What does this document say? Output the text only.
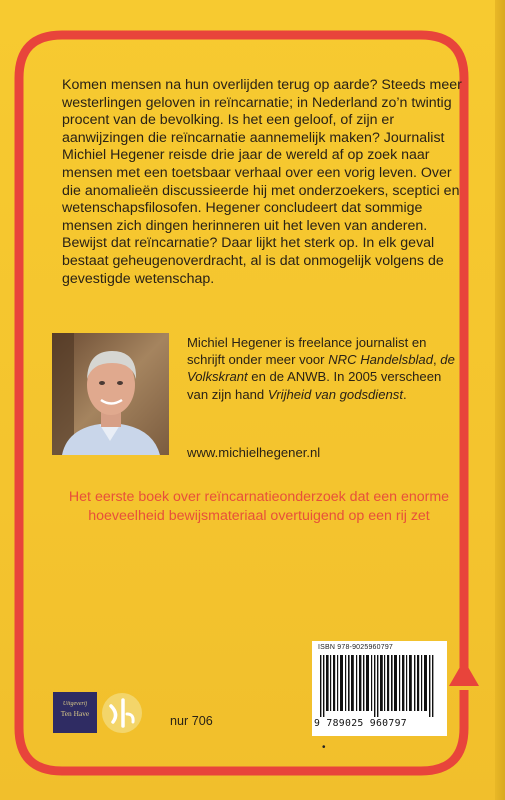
Komen mensen na hun overlijden terug op aarde? Steeds meer westerlingen geloven in reïncarnatie; in Nederland zo’n twintig procent van de bevolking. Is het een geloof, of zijn er aanwijzingen die reïncarnatie aannemelijk maken? Journalist Michiel Hegener reisde drie jaar de wereld af op zoek naar mensen met een toetsbaar verhaal over een vorig leven. Over die anomalieën discussieerde hij met onderzoekers, sceptici en wetenschapsfilosofen. Hegener concludeert dat sommige mensen zich dingen herinneren uit het leven van anderen. Bewijst dat reïncarnatie? Daar lijkt het sterk op. In elk geval bestaat geheugenoverdracht, al is dat onmogelijk volgens de gevestigde wetenschap.

Michiel Hegener is freelance journalist en schrijft onder meer voor NRC Handelsblad, de Volkskrant en de ANWB. In 2005 verscheen van zijn hand Vrijheid van godsdienst.

www.michielhegener.nl

Het eerste boek over reïncarnatieonderzoek dat een enorme hoeveelheid bewijsmateriaal overtuigend op een rij zet

ISBN 978-9025960797
9 789025 960797
Uitgeverij
Ten Have
nur 706
•
